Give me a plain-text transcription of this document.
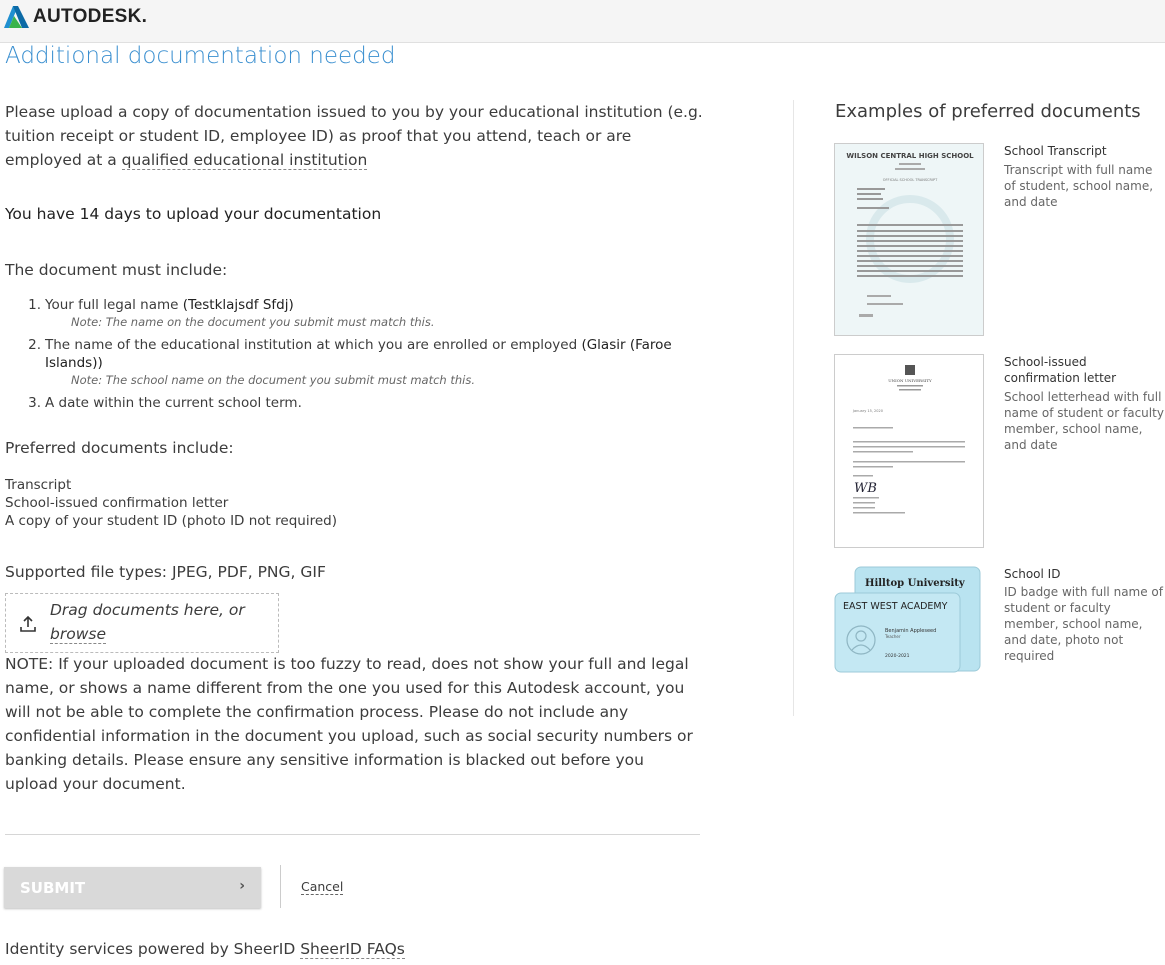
AUTODESK.
Additional documentation needed

Please upload a copy of documentation issued to you by your educational institution (e.g. tuition receipt or student ID, employee ID) as proof that you attend, teach or are employed at a qualified educational institution

You have 14 days to upload your documentation
The document must include:
1. Your full legal name (Testklajsdf Sfdj)
Note: The name on the document you submit must match this.
2. The name of the educational institution at which you are enrolled or employed (Glasir (Faroe Islands))
Note: The school name on the document you submit must match this.
3. A date within the current school term.
Preferred documents include:
Transcript
School-issued confirmation letter
A copy of your student ID (photo ID not required)
Supported file types: JPEG, PDF, PNG, GIF
Drag documents here, or
browse

NOTE: If your uploaded document is too fuzzy to read, does not show your full and legal name, or shows a name different from the one you used for this Autodesk account, you will not be able to complete the confirmation process. Please do not include any confidential information in the document you upload, such as social security numbers or banking details. Please ensure any sensitive information is blacked out before you upload your document.

SUBMIT	›	Cancel
Identity services powered by SheerID SheerID FAQs
Examples of preferred documents
WILSON CENTRAL HIGH SCHOOL
OFFICIAL SCHOOL TRANSCRIPT
School Transcript
Transcript with full name of student, school name, and date
UNION UNIVERSITY
January 15, 2020
WB
School-issued confirmation letter
School letterhead with full name of student or faculty member, school name, and date
Hilltop University
EAST WEST ACADEMY
Benjamin Appleseed
Teacher
2020-2021
School ID
ID badge with full name of student or faculty member, school name, and date, photo not required
